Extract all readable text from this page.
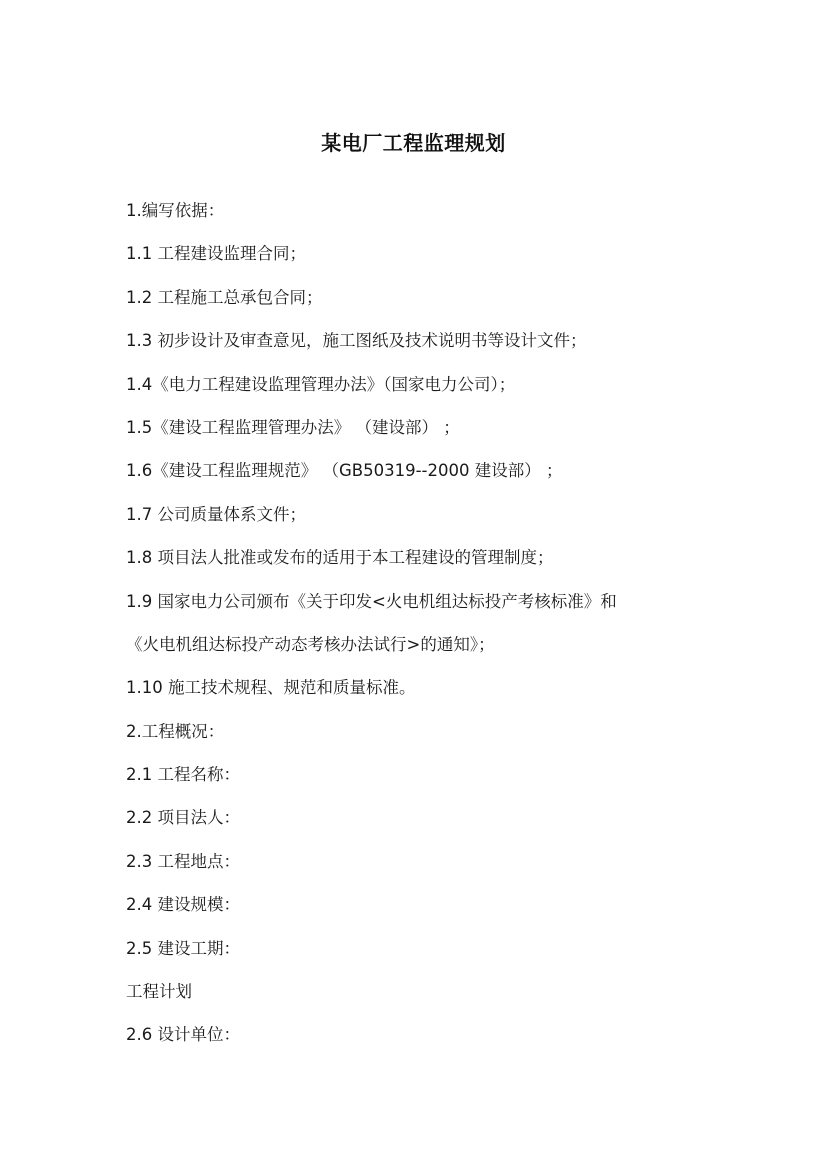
某电厂工程监理规划
1.编写依据：
1.1 工程建设监理合同；
1.2 工程施工总承包合同；
1.3 初步设计及审查意见，施工图纸及技术说明书等设计文件；
1.4《电力工程建设监理管理办法》（国家电力公司）；
1.5《建设工程监理管理办法》 （建设部） ；
1.6《建设工程监理规范》 （GB50319--2000 建设部） ；
1.7 公司质量体系文件；
1.8 项目法人批准或发布的适用于本工程建设的管理制度；
1.9 国家电力公司颁布《关于印发<火电机组达标投产考核标准》和
《火电机组达标投产动态考核办法试行>的通知》；
1.10 施工技术规程、规范和质量标准。
2.工程概况：
2.1 工程名称：
2.2 项目法人：
2.3 工程地点：
2.4 建设规模：
2.5 建设工期：
工程计划
2.6 设计单位：
